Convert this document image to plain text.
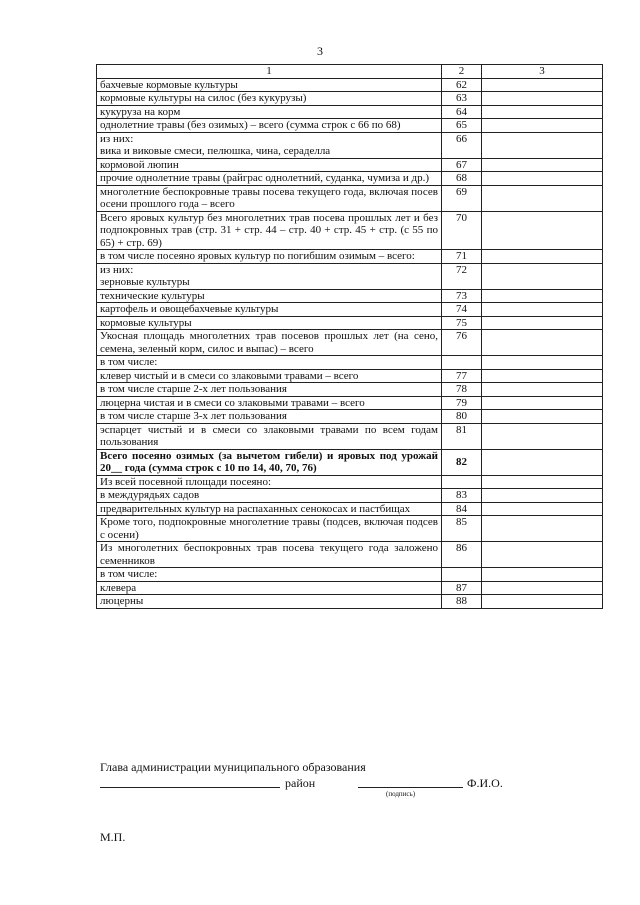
3
1	2	3
бахчевые кормовые культуры	62	
кормовые культуры на силос (без кукурузы)	63	
кукуруза на корм	64	
однолетние травы (без озимых) – всего (сумма строк с 66 по 68)	65	
из них:
вика и виковые смеси, пелюшка, чина, сераделла	66	
кормовой люпин	67	
прочие однолетние травы (райграс однолетний, суданка, чумиза и др.)	68	
многолетние беспокровные травы посева текущего года, включая посев осени прошлого года – всего	69	
Всего яровых культур без многолетних трав посева прошлых лет и без подпокровных трав (стр. 31 + стр. 44 – стр. 40 + стр. 45 + стр. (с 55 по 65) + стр. 69)	70	
в том числе посеяно яровых культур по погибшим озимым – всего:	71	
из них:
зерновые культуры	72	
технические культуры	73	
картофель и овощебахчевые культуры	74	
кормовые культуры	75	
Укосная площадь многолетних трав посевов прошлых лет (на сено, семена, зеленый корм, силос и выпас) – всего	76	
в том числе:		
клевер чистый и в смеси со злаковыми травами – всего	77	
в том числе старше 2-х лет пользования	78	
люцерна чистая и в смеси со злаковыми травами – всего	79	
в том числе старше 3-х лет пользования	80	
эспарцет чистый и в смеси со злаковыми травами по всем годам пользования	81	
Всего посеяно озимых (за вычетом гибели) и яровых под урожай 20__ года (сумма строк с 10 по 14, 40, 70, 76)	82	
Из всей посевной площади посеяно:		
в междурядьях садов	83	
предварительных культур на распаханных сенокосах и пастбищах	84	
Кроме того, подпокровные многолетние травы (подсев, включая подсев с осени)	85	
Из многолетних беспокровных трав посева текущего года заложено семенников	86	
в том числе:		
клевера	87	
люцерны	88	
Глава администрации муниципального образования
район	Ф.И.О.
(подпись)
М.П.
